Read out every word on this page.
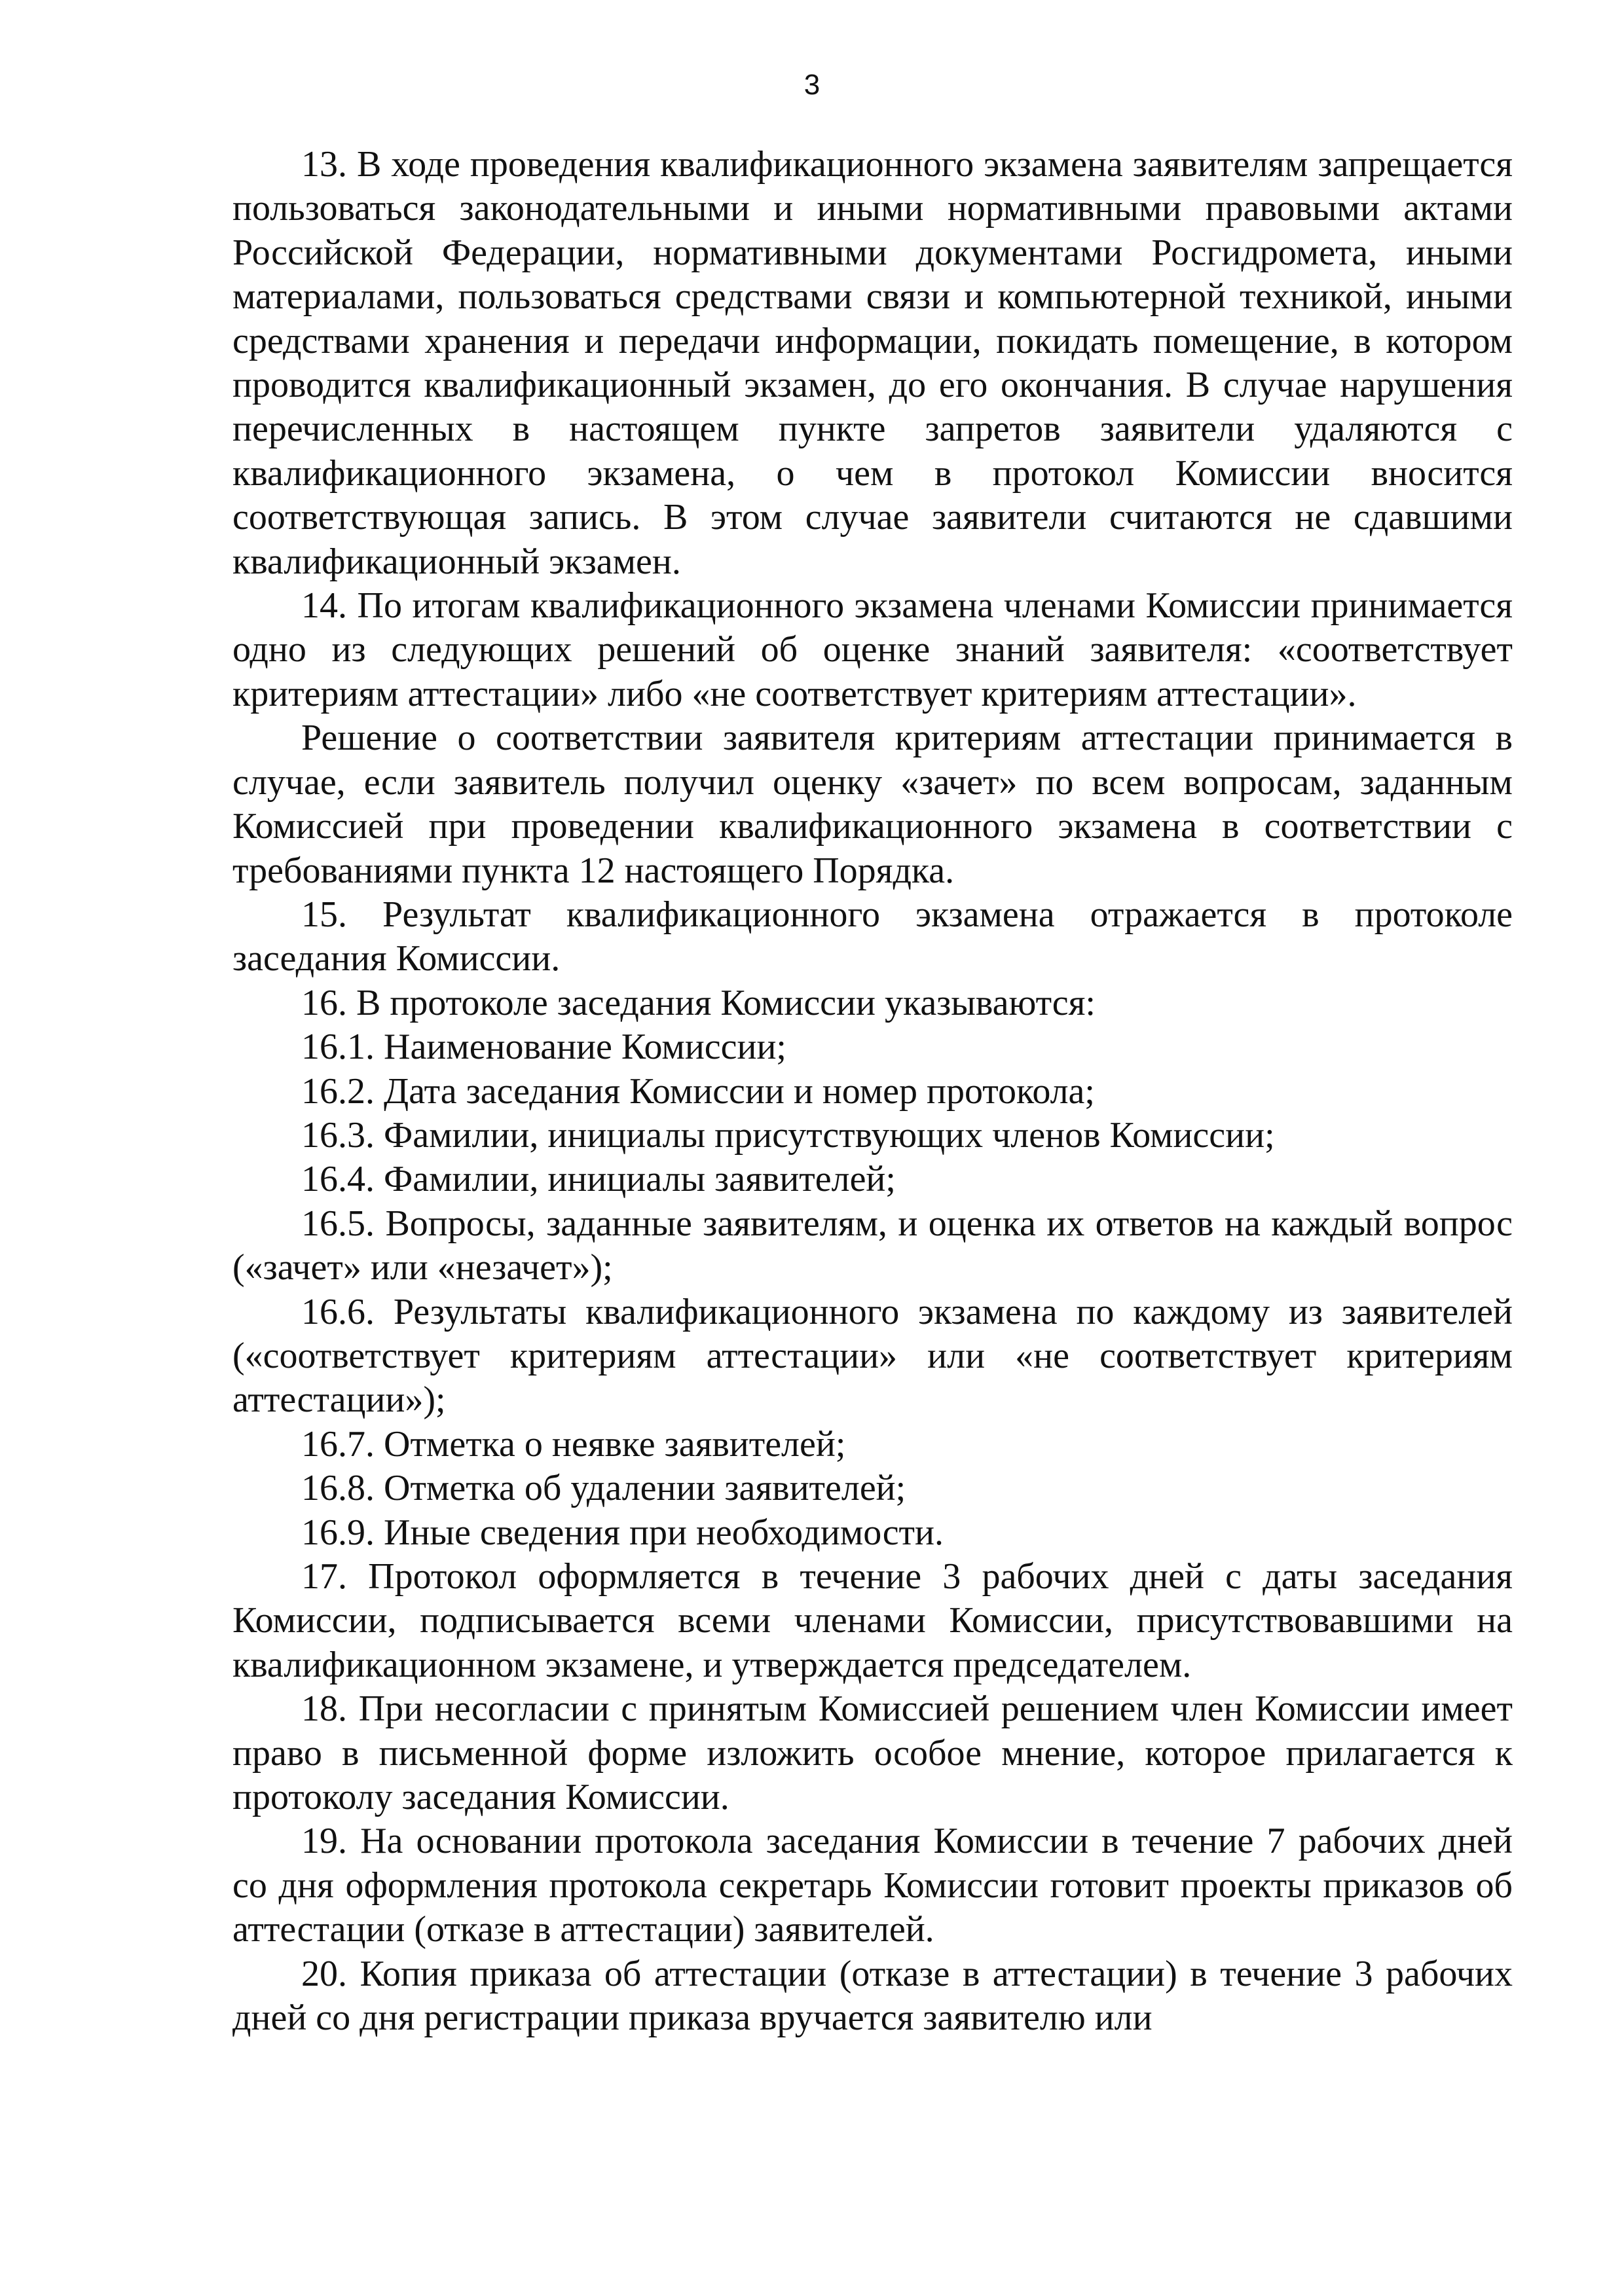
3

13. В ходе проведения квалификационного экзамена заявителям запрещается пользоваться законодательными и иными нормативными правовыми актами Российской Федерации, нормативными документами Росгидромета, иными материалами, пользоваться средствами связи и компьютерной техникой, иными средствами хранения и передачи информации, покидать помещение, в котором проводится квалификационный экзамен, до его окончания. В случае нарушения перечисленных в настоящем пункте запретов заявители удаляются с квалификационного экзамена, о чем в протокол Комиссии вносится соответствующая запись. В этом случае заявители считаются не сдавшими квалификационный экзамен.

14. По итогам квалификационного экзамена членами Комиссии принимается одно из следующих решений об оценке знаний заявителя: «соответствует критериям аттестации» либо «не соответствует критериям аттестации».

Решение о соответствии заявителя критериям аттестации принимается в случае, если заявитель получил оценку «зачет» по всем вопросам, заданным Комиссией при проведении квалификационного экзамена в соответствии с требованиями пункта 12 настоящего Порядка.

15. Результат квалификационного экзамена отражается в протоколе заседания Комиссии.

16. В протоколе заседания Комиссии указываются:

16.1. Наименование Комиссии;

16.2. Дата заседания Комиссии и номер протокола;

16.3. Фамилии, инициалы присутствующих членов Комиссии;

16.4. Фамилии, инициалы заявителей;

16.5. Вопросы, заданные заявителям, и оценка их ответов на каждый вопрос («зачет» или «незачет»);

16.6. Результаты квалификационного экзамена по каждому из заявителей («соответствует критериям аттестации» или «не соответствует критериям аттестации»);

16.7. Отметка о неявке заявителей;

16.8. Отметка об удалении заявителей;

16.9. Иные сведения при необходимости.

17. Протокол оформляется в течение 3 рабочих дней с даты заседания Комиссии, подписывается всеми членами Комиссии, присутствовавшими на квалификационном экзамене, и утверждается председателем.

18. При несогласии с принятым Комиссией решением член Комиссии имеет право в письменной форме изложить особое мнение, которое прилагается к протоколу заседания Комиссии.

19. На основании протокола заседания Комиссии в течение 7 рабочих дней со дня оформления протокола секретарь Комиссии готовит проекты приказов об аттестации (отказе в аттестации) заявителей.

20. Копия приказа об аттестации (отказе в аттестации) в течение 3 рабочих дней со дня регистрации приказа вручается заявителю или
